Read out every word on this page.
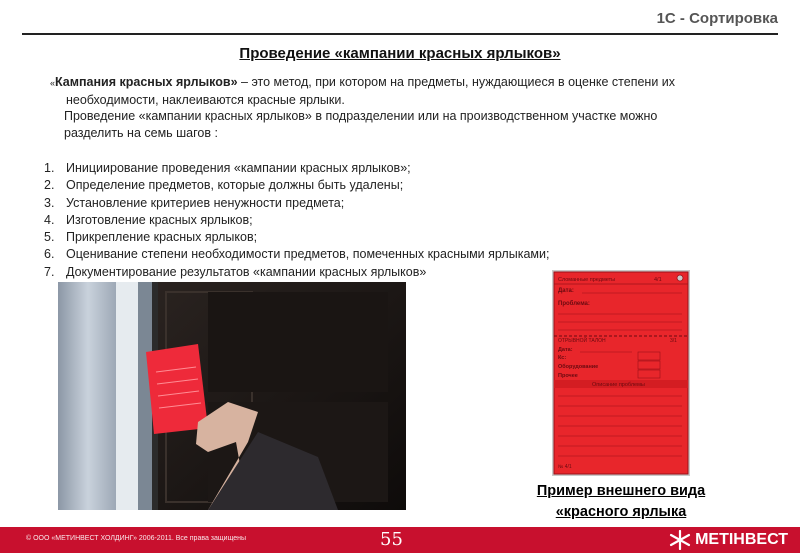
1С - Сортировка
Проведение «кампании красных ярлыков»

«Кампания красных ярлыков» – это метод, при котором на предметы, нуждающиеся в оценке степени их
необходимости, наклеиваются красные ярлыки.

Проведение «кампании красных ярлыков» в подразделении или на производственном участке можно
разделить на семь шагов :

1. Инициирование проведения «кампании красных ярлыков»;
2. Определение предметов, которые должны быть удалены;
3. Установление критериев ненужности предмета;
4. Изготовление красных ярлыков;
5. Прикрепление красных ярлыков;
6. Оценивание степени необходимости предметов, помеченных красными ярлыками;
7. Документирование результатов «кампании красных ярлыков»
Сломанные предметы	4/1
Дата:
Проблема:
ОТРЫВНОЙ ТАЛОН	3/1
Дата:
Кс:
Оборудование
Прочее
Описание проблемы
№ 4/1
Пример внешнего вида
«красного ярлыка
© ООО «МЕТИНВЕСТ ХОЛДИНГ» 2006-2011. Все права защищены	55	МЕТІНВЕСТ
